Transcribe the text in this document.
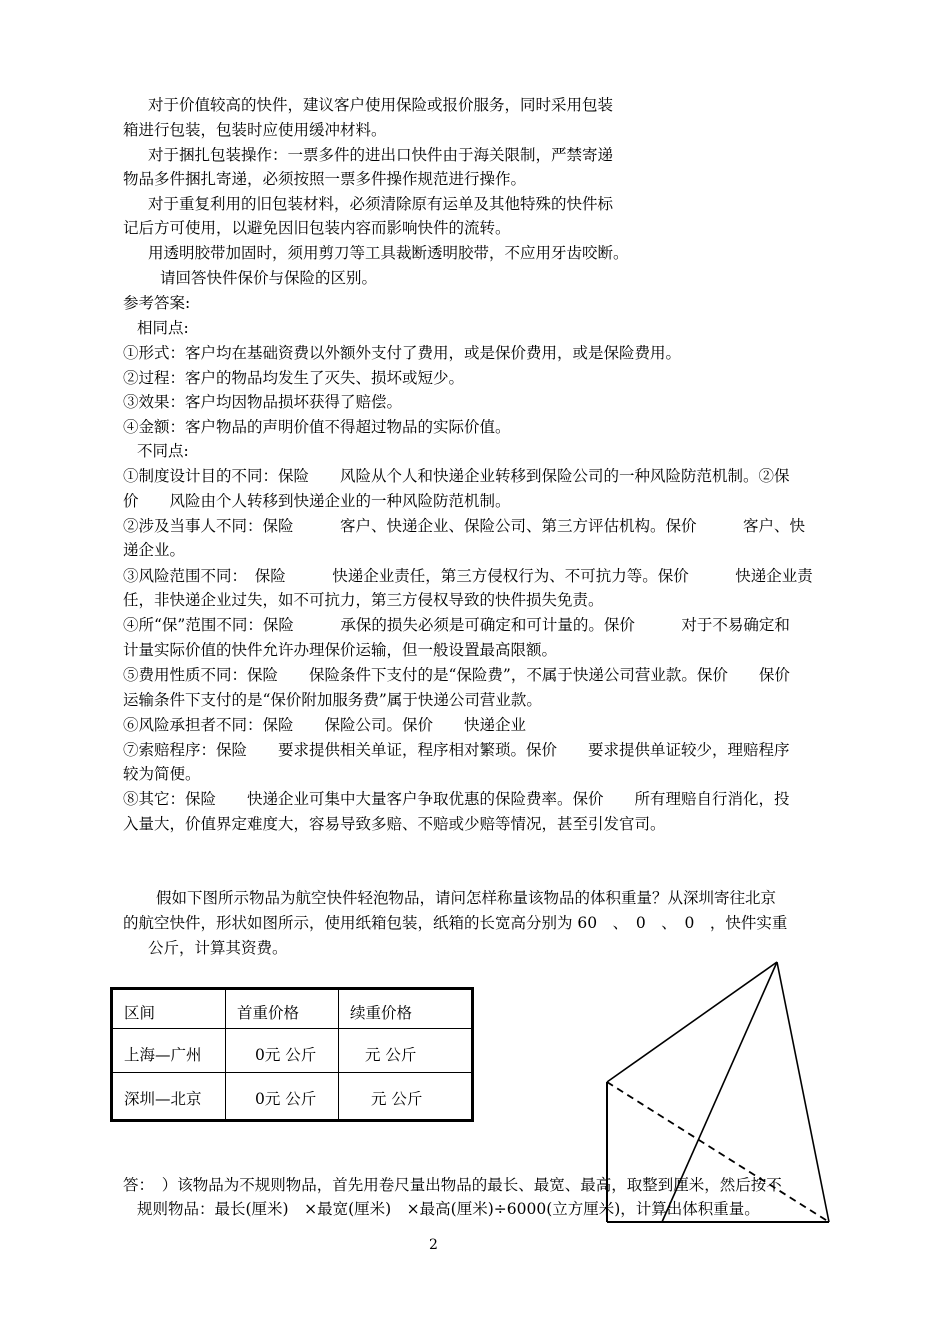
对于价值较高的快件，建议客户使用保险或报价服务，同时采用包装
箱进行包装，包装时应使用缓冲材料。
对于捆扎包装操作：一票多件的进出口快件由于海关限制，严禁寄递
物品多件捆扎寄递，必须按照一票多件操作规范进行操作。
对于重复利用的旧包装材料，必须清除原有运单及其他特殊的快件标
记后方可使用，以避免因旧包装内容而影响快件的流转。
用透明胶带加固时，须用剪刀等工具裁断透明胶带，不应用牙齿咬断。
请回答快件保价与保险的区别。
参考答案:
相同点:
①形式：客户均在基础资费以外额外支付了费用，或是保价费用，或是保险费用。
②过程：客户的物品均发生了灭失、损坏或短少。
③效果：客户均因物品损坏获得了赔偿。
④金额：客户物品的声明价值不得超过物品的实际价值。
不同点:
①制度设计目的不同：保险　　风险从个人和快递企业转移到保险公司的一种风险防范机制。②保
价　　风险由个人转移到快递企业的一种风险防范机制。
②涉及当事人不同：保险　　　客户、快递企业、保险公司、第三方评估机构。保价　　　客户、快
递企业。
③风险范围不同：　保险　　　快递企业责任，第三方侵权行为、不可抗力等。保价　　　快递企业责
任，非快递企业过失，如不可抗力，第三方侵权导致的快件损失免责。
④所“保”范围不同：保险　　　承保的损失必须是可确定和可计量的。保价　　　对于不易确定和
计量实际价值的快件允许办理保价运输，但一般设置最高限额。
⑤费用性质不同：保险　　保险条件下支付的是“保险费”，不属于快递公司营业款。保价　　保价
运输条件下支付的是“保价附加服务费”属于快递公司营业款。
⑥风险承担者不同：保险　　保险公司。保价　　快递企业
⑦索赔程序：保险　　要求提供相关单证，程序相对繁琐。保价　　要求提供单证较少，理赔程序
较为简便。
⑧其它：保险　　快递企业可集中大量客户争取优惠的保险费率。保价　　所有理赔自行消化，投
入量大，价值界定难度大，容易导致多赔、不赔或少赔等情况，甚至引发官司。
假如下图所示物品为航空快件轻泡物品，请问怎样称量该物品的体积重量？从深圳寄往北京
的航空快件，形状如图所示，使用纸箱包装，纸箱的长宽高分别为 60　、　0　、　0　，快件实重
公斤，计算其资费。
区间	首重价格	续重价格
上海—广州	0元 公斤	元 公斤
深圳—北京	0元 公斤	元 公斤
答：　）该物品为不规则物品，首先用卷尺量出物品的最长、最宽、最高，取整到厘米，然后按不
规则物品：最长(厘米)　×最宽(厘米)　×最高(厘米)÷6000(立方厘米)，计算出体积重量。
2
